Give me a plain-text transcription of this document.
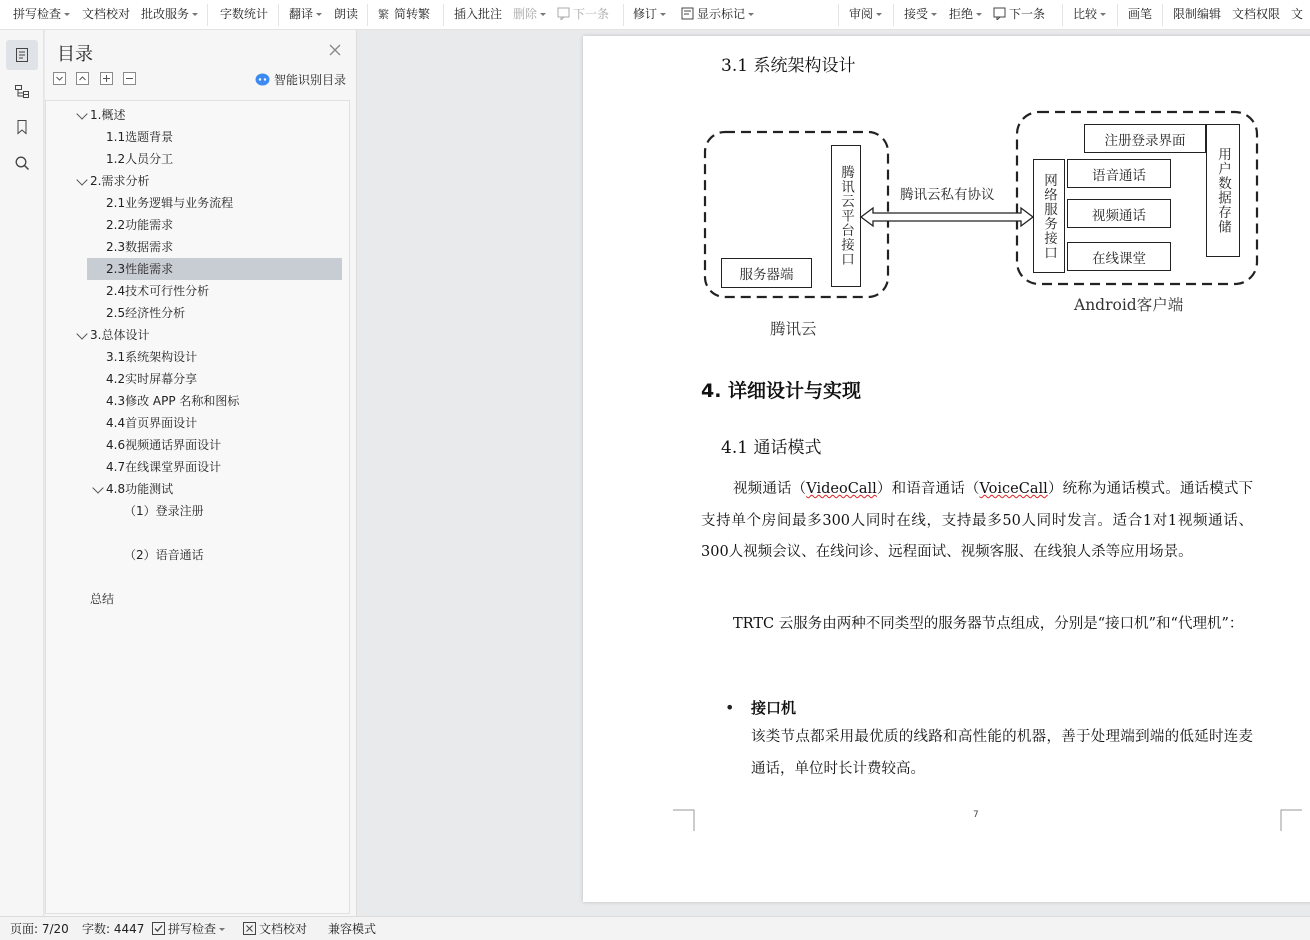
拼写检查	文档校对 批改服务	字数统计 翻译	朗读 繁 简转繁 插入批注 删除	下一条 修订	显示标记	审阅	接受	拒绝	下一条 比较	画笔 限制编辑 文档权限 文
目录
智能识别目录
1.概述
1.1选题背景
1.2人员分工
2.需求分析
2.1业务逻辑与业务流程
2.2功能需求
2.3数据需求
2.3性能需求
2.4技术可行性分析
2.5经济性分析
3.总体设计
3.1系统架构设计
4.2实时屏幕分享
4.3修改 APP 名称和图标
4.4首页界面设计
4.6视频通话界面设计
4.7在线课堂界面设计
4.8功能测试
（1）登录注册
（2）语音通话
总结
3.1 系统架构设计
服务器端
腾讯云平台接口	腾讯云私有协议	网络服务接口
注册登录界面
语音通话
视频通话
在线课堂
用户数据存储
腾讯云
Android客户端
4. 详细设计与实现
4.1 通话模式
视频通话（VideoCall）和语音通话（VoiceCall）统称为通话模式。通话模式下支持单个房间最多300人同时在线，支持最多50人同时发言。适合1对1视频通话、300人视频会议、在线问诊、远程面试、视频客服、在线狼人杀等应用场景。
TRTC 云服务由两种不同类型的服务器节点组成，分别是“接口机”和“代理机”：
• 接口机
该类节点都采用最优质的线路和高性能的机器，善于处理端到端的低延时连麦通话，单位时长计费较高。
7
页面: 7/20 字数: 4447	拼写检查	文档校对 兼容模式
